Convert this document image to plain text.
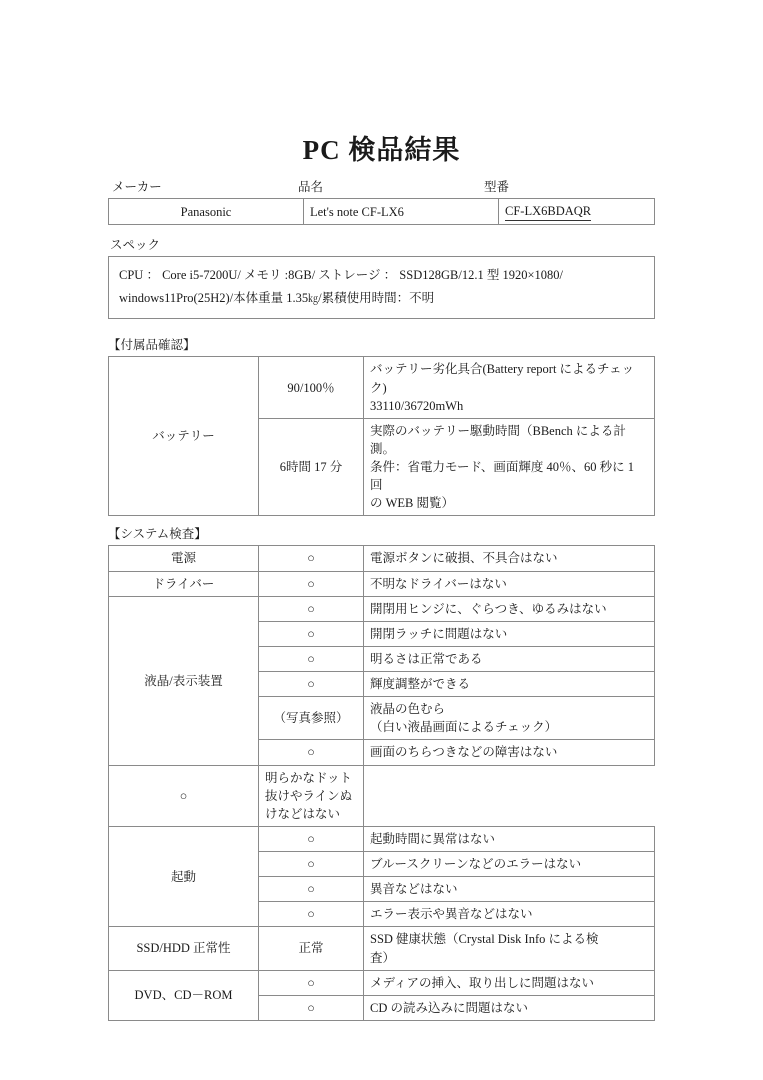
PC 検品結果
メーカー	品名	型番
Panasonic	Let's note CF-LX6	CF-LX6BDAQR
スペック
CPU ： Core i5-7200U/ メモリ :8GB/ ストレージ ： SSD128GB/12.1 型 1920×1080/
windows11Pro(25H2)/本体重量 1.35㎏/累積使用時間：不明
【付属品確認】
バッテリー	90/100％	バッテリー劣化具合(Battery report によるチェッ
ク)
33110/36720mWh

	6時間 17 分	実際のバッテリー駆動時間（BBench による計測。
条件：省電力モード、画面輝度 40％、60 秒に 1 回
の WEB 閲覧）
【システム検査】
電源	○	電源ボタンに破損、不具合はない

ドライバー	○	不明なドライバーはない

液晶/表示装置	○	開閉用ヒンジに、ぐらつき、ゆるみはない

	○	開閉ラッチに問題はない

	○	明るさは正常である

	○	輝度調整ができる

	（写真参照）	液晶の色むら
（白い液晶画面によるチェック）

	○	画面のちらつきなどの障害はない

○	明らかなドット抜けやラインぬけなどはない	

起動	○	起動時間に異常はない

	○	ブルースクリーンなどのエラーはない

	○	異音などはない

	○	エラー表示や異音などはない

SSD/HDD 正常性	正常	SSD 健康状態（Crystal Disk Info による検
査）

DVD、CD－ROM	○	メディアの挿入、取り出しに問題はない

	○	CD の読み込みに問題はない
